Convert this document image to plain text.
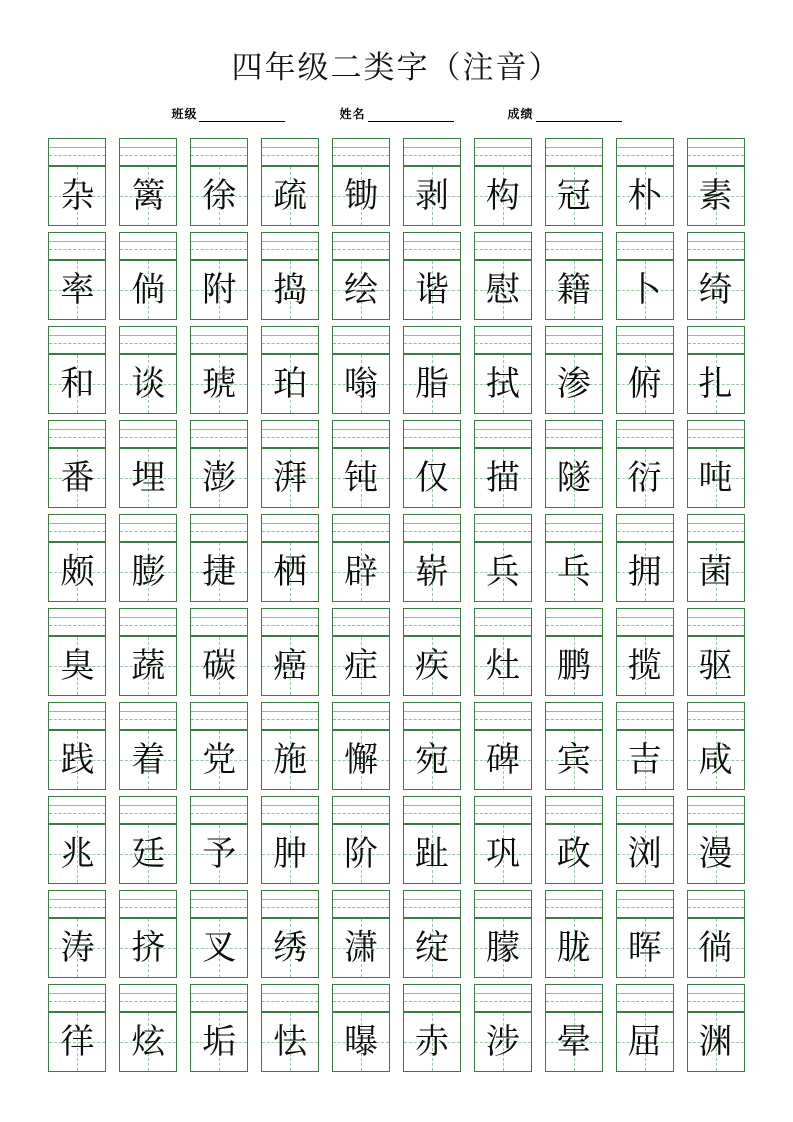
四年级二类字（注音）
班级	姓名	成绩
杂 篱 徐 疏 锄 剥 构 冠 朴 素
率 倘 附 捣 绘 谐 慰 籍 卜 绮
和 谈 琥 珀 嗡 脂 拭 渗 俯 扎
番 埋 澎 湃 钝 仅 描 隧 衍 吨
颇 膨 捷 栖 辟 崭 兵 乓 拥 菌
臭 蔬 碳 癌 症 疾 灶 鹏 揽 驱
践 着 党 施 懈 宛 碑 宾 吉 咸
兆 廷 予 肿 阶 趾 巩 政 浏 漫
涛 挤 叉 绣 潇 绽 朦 胧 晖 徜
徉 炫 垢 怯 曝 赤 涉 晕 屈 渊
